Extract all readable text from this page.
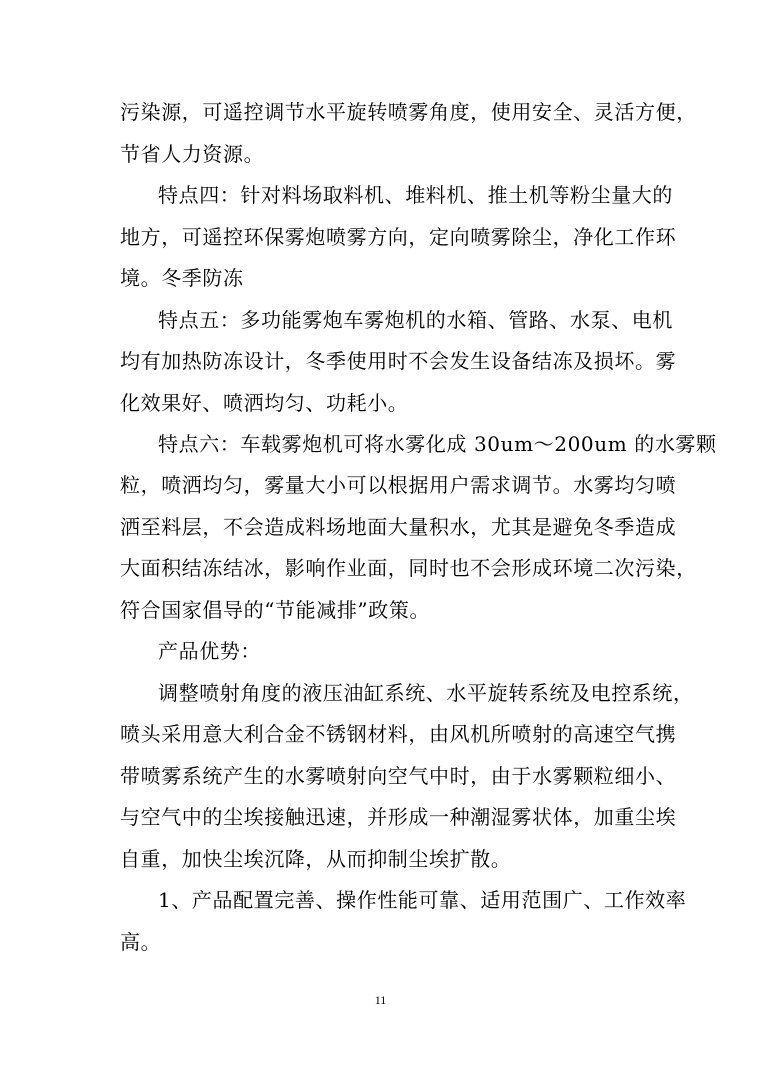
污染源，可遥控调节水平旋转喷雾角度，使用安全、灵活方便，
节省人力资源。
特点四：针对料场取料机、堆料机、推土机等粉尘量大的
地方，可遥控环保雾炮喷雾方向，定向喷雾除尘，净化工作环
境。冬季防冻
特点五：多功能雾炮车雾炮机的水箱、管路、水泵、电机
均有加热防冻设计，冬季使用时不会发生设备结冻及损坏。雾
化效果好、喷洒均匀、功耗小。
特点六：车载雾炮机可将水雾化成 30um～200um 的水雾颗
粒，喷洒均匀，雾量大小可以根据用户需求调节。水雾均匀喷
洒至料层，不会造成料场地面大量积水，尤其是避免冬季造成
大面积结冻结冰，影响作业面，同时也不会形成环境二次污染，
符合国家倡导的“节能减排”政策。
产品优势：
调整喷射角度的液压油缸系统、水平旋转系统及电控系统，
喷头采用意大利合金不锈钢材料，由风机所喷射的高速空气携
带喷雾系统产生的水雾喷射向空气中时，由于水雾颗粒细小、
与空气中的尘埃接触迅速，并形成一种潮湿雾状体，加重尘埃
自重，加快尘埃沉降，从而抑制尘埃扩散。
1、产品配置完善、操作性能可靠、适用范围广、工作效率
高。
11
